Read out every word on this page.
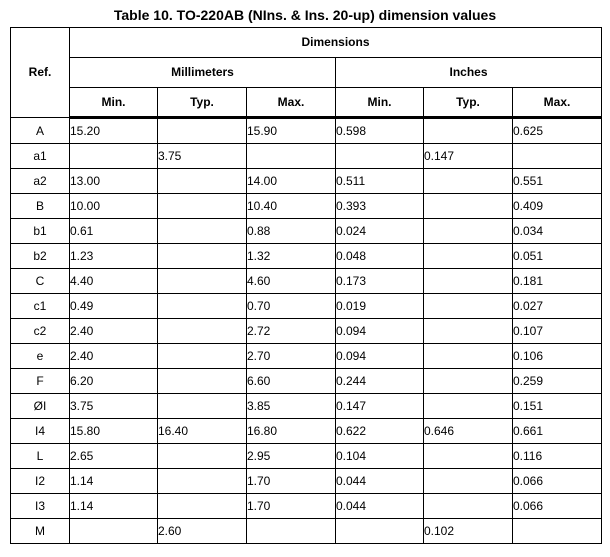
Table 10. TO-220AB (NIns. & Ins. 20-up) dimension values
Ref.	Dimensions					
	Millimeters			Inches		
	Min.	Typ.	Max.	Min.	Typ.	Max.
A	15.20		15.90	0.598		0.625
a1		3.75			0.147	
a2	13.00		14.00	0.511		0.551
B	10.00		10.40	0.393		0.409
b1	0.61		0.88	0.024		0.034
b2	1.23		1.32	0.048		0.051
C	4.40		4.60	0.173		0.181
c1	0.49		0.70	0.019		0.027
c2	2.40		2.72	0.094		0.107
e	2.40		2.70	0.094		0.106
F	6.20		6.60	0.244		0.259
ØI	3.75		3.85	0.147		0.151
I4	15.80	16.40	16.80	0.622	0.646	0.661
L	2.65		2.95	0.104		0.116
I2	1.14		1.70	0.044		0.066
I3	1.14		1.70	0.044		0.066
M		2.60			0.102	
